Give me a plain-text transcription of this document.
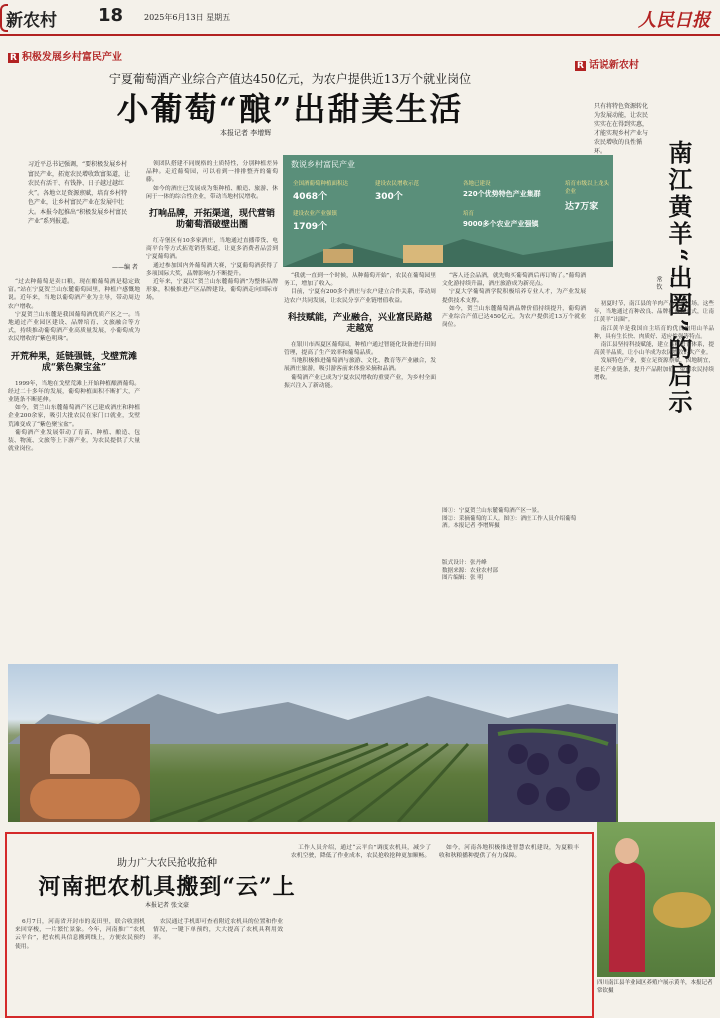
新农村 18	2025年6月13日 星期五	人民日报
R 积极发展乡村富民产业
宁夏葡萄酒产业综合产值达450亿元，为农户提供近13万个就业岗位
小葡萄“酿”出甜美生活
本报记者 李增辉
习近平总书记强调，“要积极发展乡村富民产业，拓宽农民增收致富渠道，让农民有活干、有钱挣、日子越过越红火”。各地立足资源禀赋，培育乡村特色产业，让乡村富民产业在发展中壮大。本报今起推出“积极发展乡村富民产业”系列报道。
——编 者

“过去种葡萄是卖口粮，现在酿葡萄酒是稳定致富。”站在宁夏贺兰山东麓葡萄园里，种植户感慨地说。近年来，当地以葡萄酒产业为主导，带动周边农户增收。

宁夏贺兰山东麓是我国葡萄酒优质产区之一。当地通过产业园区建设、品牌培育、文旅融合等方式，持续推动葡萄酒产业高质量发展，小葡萄成为农民增收的“紫色明珠”。

开荒种果，延链强链，戈壁荒滩成“紫色聚宝盆”

1999年，当地在戈壁荒滩上开始种植酿酒葡萄。经过二十多年的发展，葡萄种植面积不断扩大，产业链条不断延伸。

如今，贺兰山东麓葡萄酒产区已建成酒庄和种植企业200余家，吸引大批农民在家门口就业，戈壁荒滩变成了“紫色聚宝盆”。

葡萄酒产业发展带动了育苗、种植、酿造、包装、物流、文旅等上下游产业，为农民提供了大量就业岗位。

领团队搭建不同规格的土质特性，分别种植差异品种。走近葡萄园，可以看到一排排整齐的葡萄藤。

如今的酒庄已发展成为集种植、酿造、旅游、休闲于一体的综合性企业，带动当地村民增收。

打响品牌，开拓渠道，现代营销助葡萄酒破壁出圈

红寺堡区有10多家酒庄，当地通过直播带货、电商平台等方式拓宽销售渠道，让更多消费者品尝到宁夏葡萄酒。

通过参加国内外葡萄酒大赛，宁夏葡萄酒获得了多项国际大奖，品牌影响力不断提升。

近年来，宁夏以“贺兰山东麓葡萄酒”为整体品牌形象，积极推进产区品牌建设，葡萄酒走向国际市场。

数说乡村富民产业
全国酒葡萄种植面积达
4068个
建设农民增收示范
300个
建设农业产业强镇
1709个
各地已建设
220个优势特色产业集群
培育
9000多个农业产业强镇
培育市级以上龙头企业
达7万家

“我就一直到一个时候，从种葡萄开始”，农民在葡萄园里务工，增加了收入。

目前，宁夏有200多个酒庄与农户建立合作关系，带动周边农户共同发展，让农民分享产业链增值收益。

科技赋能，产业融合，兴业富民路越走越宽

在银川市西夏区葡萄园，种植户通过智能化设备进行田间管理，提高了生产效率和葡萄品质。

当地积极推进葡萄酒与旅游、文化、教育等产业融合，发展酒庄旅游，吸引游客前来体验采摘和品酒。

葡萄酒产业已成为宁夏农民增收的重要产业，为乡村全面振兴注入了新动能。

“客人还会品酒，就先购买葡萄酒后再订购了。”葡萄酒文化游持续升温，酒庄旅游成为新亮点。

宁夏大学葡萄酒学院积极培养专业人才，为产业发展提供技术支撑。

如今，贺兰山东麓葡萄酒品牌价值持续提升，葡萄酒产业综合产值已达450亿元，为农户提供近13万个就业岗位。

图①：宁夏贺兰山东麓葡萄酒产区一景。
图②：采摘葡萄的工人。图③：酒庄工作人员介绍葡萄酒。本报记者 李增辉摄
版式设计：张丹峰
数据来源：农业农村部
图片编辑：张 明
R 话说新农村
只有将特色资源转化为发展动能，让农民实实在在得到实惠，才能实现乡村产业与农民增收的良性循环。	南江黄羊“出圈”的启示
常 钦

初夏时节，南江县的羊肉产品走俏市场。这些年，当地通过育种改良、品牌打造等方式，让南江黄羊“出圈”。

南江黄羊是我国自主培育的优良肉用山羊品种，具有生长快、肉质好、适应性强等特点。

南江县坚持科技赋能，建立良种繁育体系，提高黄羊品质，让小山羊成为农民增收的大产业。

发展特色产业，要立足资源禀赋，因地制宜，延长产业链条，提升产品附加值，带动农民持续增收。

四川南江县羊业园区养殖户展示黄羊，本报记者 常钦摄
助力广大农民抢收抢种
河南把农机具搬到“云”上
本报记者 张文豪

6月7日，河南省开封市的麦田里，联合收割机来回穿梭，一片繁忙景象。今年，河南推广“农机云平台”，把农机具信息搬到线上，方便农民预约使用。

农民通过手机即可查看附近农机具的位置和作业情况，一键下单预约，大大提高了农机具利用效率。

工作人员介绍，通过“云平台”调度农机具，减少了农机空驶，降低了作业成本，农民抢收抢种更加顺畅。

如今，河南各地积极推进智慧农机建设，为夏粮丰收和秋粮播种提供了有力保障。
